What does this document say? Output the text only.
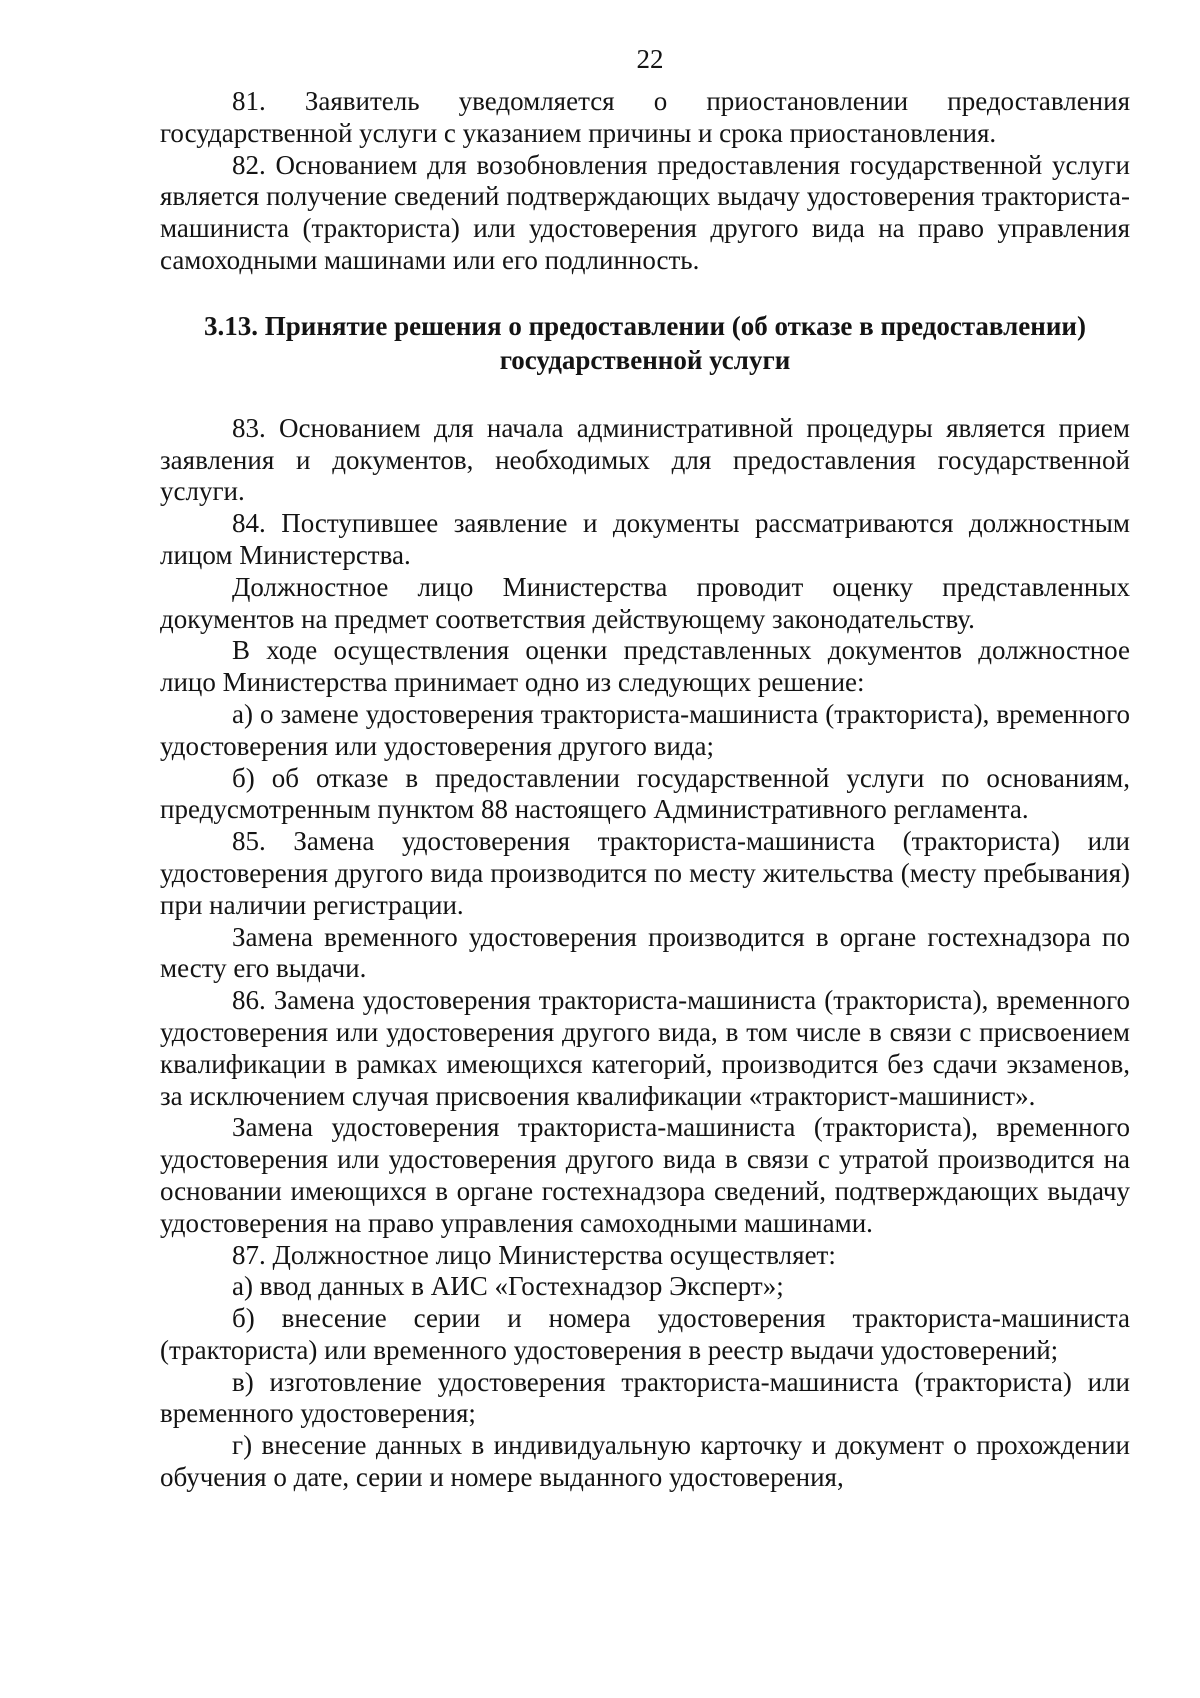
22

81. Заявитель уведомляется о приостановлении предоставления государственной услуги с указанием причины и срока приостановления.

82. Основанием для возобновления предоставления государственной услуги является получение сведений подтверждающих выдачу удостоверения тракториста-машиниста (тракториста) или удостоверения другого вида на право управления самоходными машинами или его подлинность.

3.13. Принятие решения о предоставлении (об отказе в предоставлении) государственной услуги

83. Основанием для начала административной процедуры является прием заявления и документов, необходимых для предоставления государственной услуги.

84. Поступившее заявление и документы рассматриваются должностным лицом Министерства.

Должностное лицо Министерства проводит оценку представленных документов на предмет соответствия действующему законодательству.

В ходе осуществления оценки представленных документов должностное лицо Министерства принимает одно из следующих решение:

а) о замене удостоверения тракториста-машиниста (тракториста), временного удостоверения или удостоверения другого вида;

б) об отказе в предоставлении государственной услуги по основаниям, предусмотренным пунктом 88 настоящего Административного регламента.

85. Замена удостоверения тракториста-машиниста (тракториста) или удостоверения другого вида производится по месту жительства (месту пребывания) при наличии регистрации.

Замена временного удостоверения производится в органе гостехнадзора по месту его выдачи.

86. Замена удостоверения тракториста-машиниста (тракториста), временного удостоверения или удостоверения другого вида, в том числе в связи с присвоением квалификации в рамках имеющихся категорий, производится без сдачи экзаменов, за исключением случая присвоения квалификации «тракторист-машинист».

Замена удостоверения тракториста-машиниста (тракториста), временного удостоверения или удостоверения другого вида в связи с утратой производится на основании имеющихся в органе гостехнадзора сведений, подтверждающих выдачу удостоверения на право управления самоходными машинами.

87. Должностное лицо Министерства осуществляет:

а) ввод данных в АИС «Гостехнадзор Эксперт»;

б) внесение серии и номера удостоверения тракториста-машиниста (тракториста) или временного удостоверения в реестр выдачи удостоверений;

в) изготовление удостоверения тракториста-машиниста (тракториста) или временного удостоверения;

г) внесение данных в индивидуальную карточку и документ о прохождении обучения о дате, серии и номере выданного удостоверения,
